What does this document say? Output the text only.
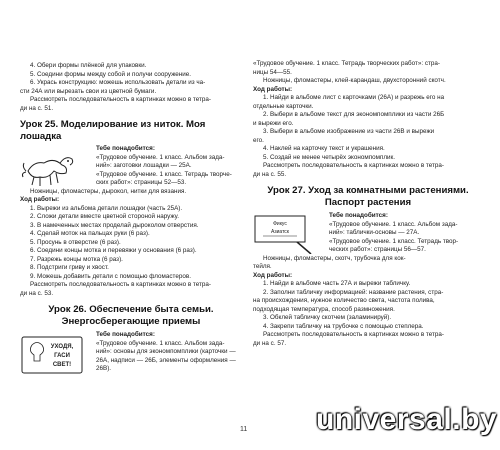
4. Обери формы плёнкой для упаковки.

5. Соедини формы между собой и получи сооружение.

6. Укрась конструкцию: можешь использовать детали из ча-

сти 24А или вырезать свои из цветной бумаги.

Рассмотреть последовательность в картинках можно в тетра-

ди на с. 51.

Урок 25. Моделирование из ниток. Моя лошадка

Тебе понадобится:

«Трудовое обучение. 1 класс. Альбом зада-

ний»: заготовки лошадки — 25А.

«Трудовое обучение. 1 класс. Тетрадь творче-

ских работ»: страницы 52—53.

Ножницы, фломастеры, дырокол, нитки для вязания.

Ход работы:

1. Вырежи из альбома детали лошадки (часть 25А).

2. Сложи детали вместе цветной стороной наружу.

3. В намеченных местах проделай дыроколом отверстия.

4. Сделай моток на пальцах руки (6 раз).

5. Просунь в отверстие (6 раз).

6. Соедини концы мотка и перевяжи у основания (6 раз).

7. Разрежь концы мотка (6 раз).

8. Подстриги гриву и хвост.

9. Можешь добавить детали с помощью фломастеров.

Рассмотреть последовательность в картинках можно в тетра-

ди на с. 53.

Урок 26. Обеспечение быта семьи.
Энергосберегающие приемы
УХОДЯ,
ГАСИ
СВЕТ!

Тебе понадобится:

«Трудовое обучение. 1 класс. Альбом зада-

ний»: основы для экономпомплики (карточки —

26А, надписи — 26Б, элементы оформления —

26В).

«Трудовое обучение. 1 класс. Тетрадь творческих работ»: стра-

ницы 54—55.

Ножницы, фломастеры, клей-карандаш, двухсторонний скотч.

Ход работы:

1. Найди в альбоме лист с карточками (26А) и разрежь его на

отдельные карточки.

2. Выбери в альбоме текст для экономпомплики из части 26Б

и вырежи его.

3. Выбери в альбоме изображение из части 26В и вырежи

его.

4. Наклей на карточку текст и украшения.

5. Создай не менее четырёх экономпомплик.

Рассмотреть последовательность в картинках можно в тетра-

ди на с. 55.

Урок 27. Уход за комнатными растениями.
Паспорт растения
Фикус
Азиатск

Тебе понадобится:

«Трудовое обучение. 1 класс. Альбом зада-

ний»: таблички-основы — 27А.

«Трудовое обучение. 1 класс. Тетрадь твор-

ческих работ»: страницы 56—57.

Ножницы, фломастеры, скотч, трубочка для кок-

тейля.

Ход работы:

1. Найди в альбоме часть 27А и вырежи табличку.

2. Заполни табличку информацией: название растения, стра-

на происхождения, нужное количество света, частота полива,

подходящая температура, способ размножения.

3. Обклей табличку скотчем (заламинируй).

4. Закрепи табличку на трубочке с помощью степлера.

Рассмотреть последовательность в картинках можно в тетра-

ди на с. 57.

11 universal.by
